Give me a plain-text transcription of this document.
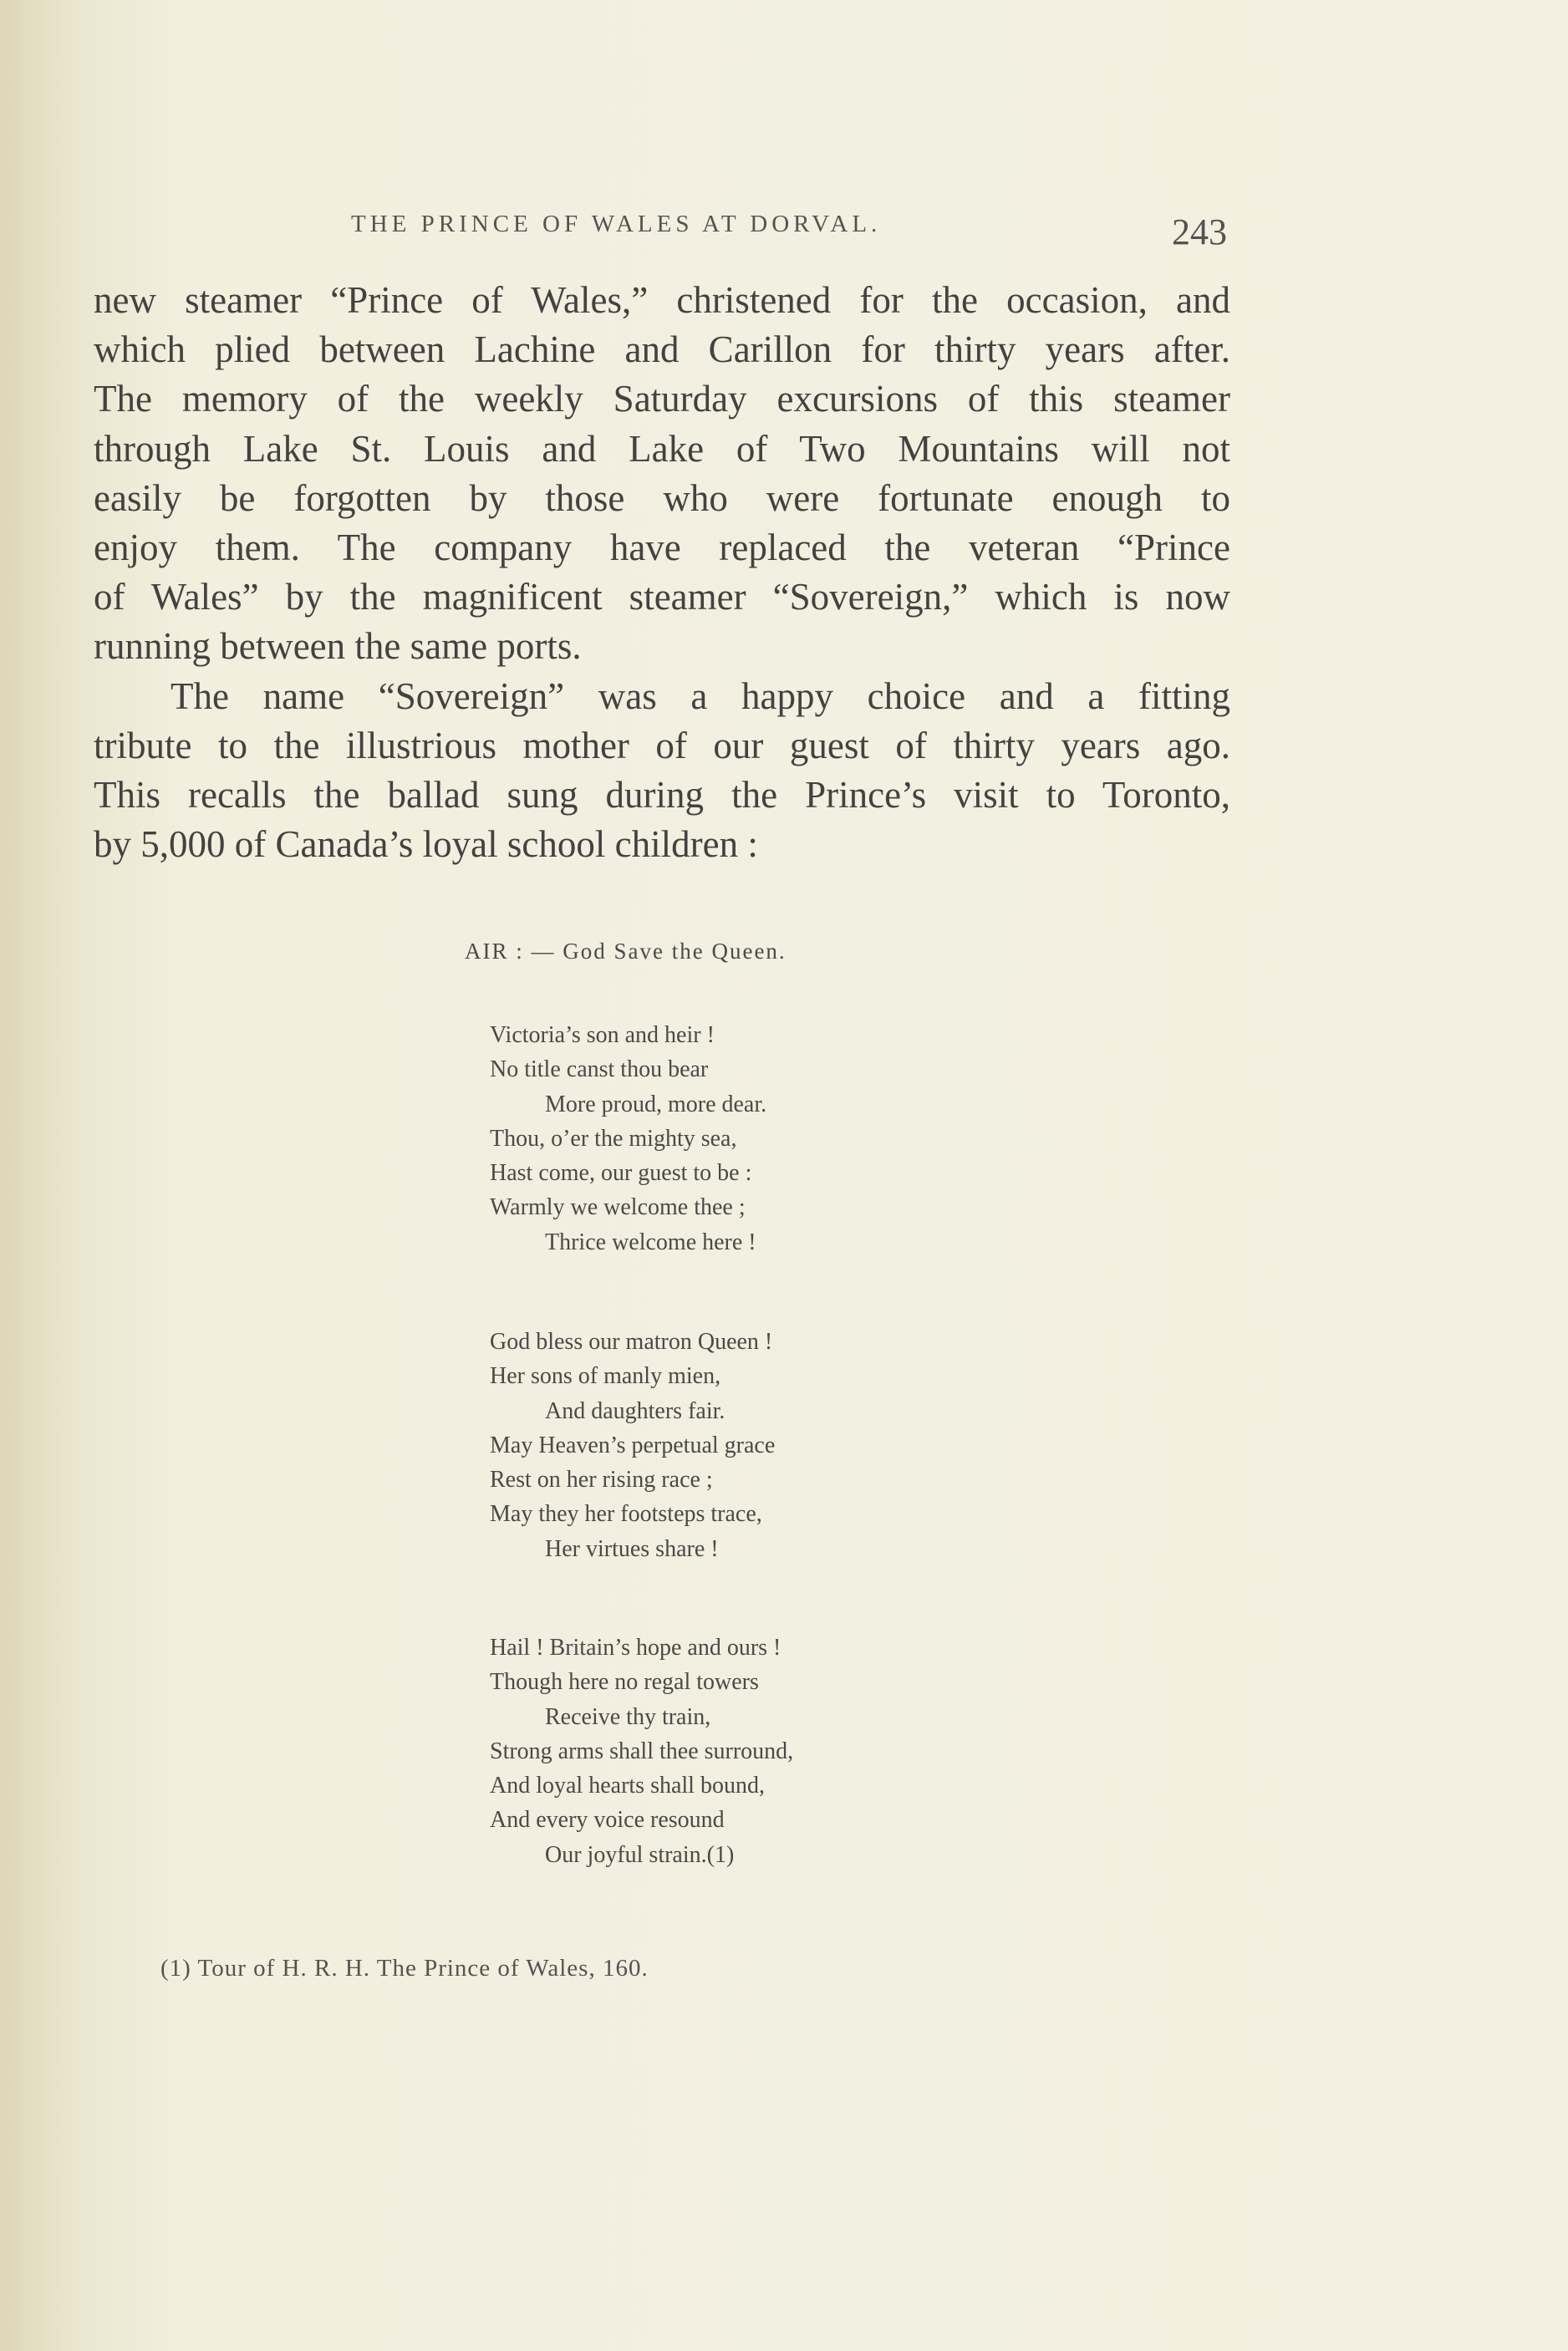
THE PRINCE OF WALES AT DORVAL.	243

new steamer “Prince of Wales,” christened for the occasion, and

which plied between Lachine and Carillon for thirty years after.

The memory of the weekly Saturday excursions of this steamer

through Lake St. Louis and Lake of Two Mountains will not

easily be forgotten by those who were fortunate enough to

enjoy them. The company have replaced the veteran “Prince

of Wales” by the magnificent steamer “Sovereign,” which is now

running between the same ports.

The name “Sovereign” was a happy choice and a fitting

tribute to the illustrious mother of our guest of thirty years ago.

This recalls the ballad sung during the Prince’s visit to Toronto,

by 5,000 of Canada’s loyal school children :

AIR : — God Save the Queen.
Victoria’s son and heir !
No title canst thou bear
More proud, more dear.
Thou, o’er the mighty sea,
Hast come, our guest to be :
Warmly we welcome thee ;
Thrice welcome here !
God bless our matron Queen !
Her sons of manly mien,
And daughters fair.
May Heaven’s perpetual grace
Rest on her rising race ;
May they her footsteps trace,
Her virtues share !
Hail ! Britain’s hope and ours !
Though here no regal towers
Receive thy train,
Strong arms shall thee surround,
And loyal hearts shall bound,
And every voice resound
Our joyful strain.(1)
(1) Tour of H. R. H. The Prince of Wales, 160.
